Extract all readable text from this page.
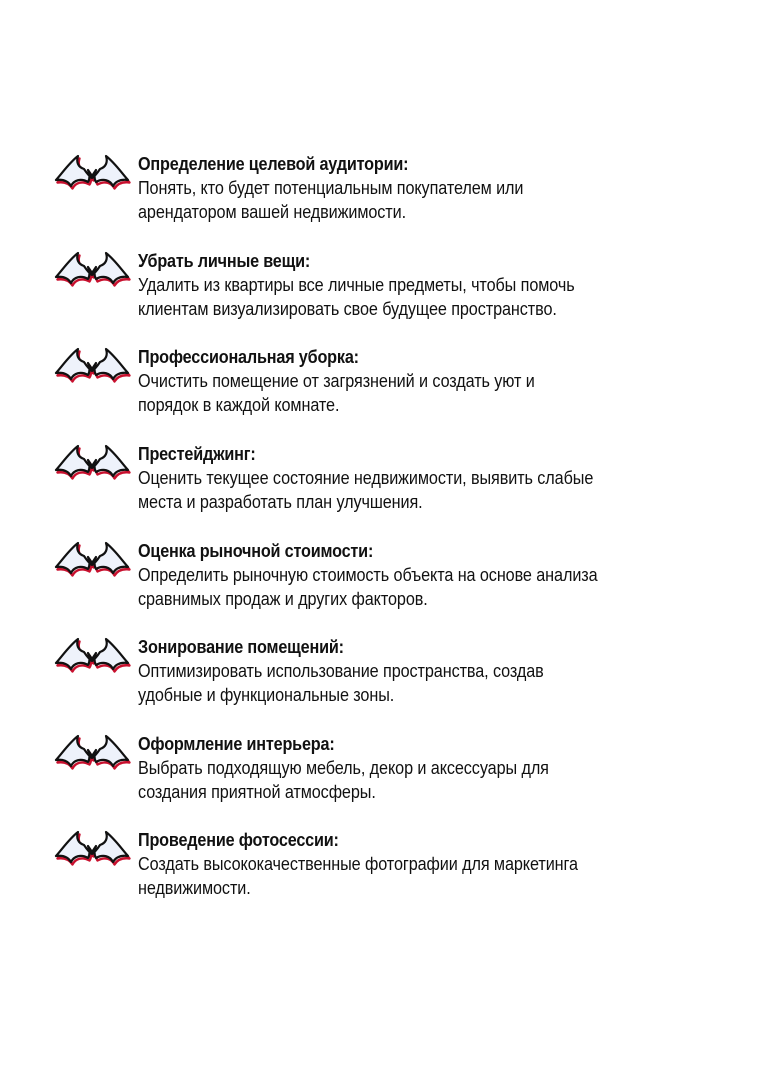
Определение целевой аудитории:
Понять, кто будет потенциальным покупателем или
арендатором вашей недвижимости.
Убрать личные вещи:
Удалить из квартиры все личные предметы, чтобы помочь
клиентам визуализировать свое будущее пространство.
Профессиональная уборка:
Очистить помещение от загрязнений и создать уют и
порядок в каждой комнате.
Престейджинг:
Оценить текущее состояние недвижимости, выявить слабые
места и разработать план улучшения.
Оценка рыночной стоимости:
Определить рыночную стоимость объекта на основе анализа
сравнимых продаж и других факторов.
Зонирование помещений:
Оптимизировать использование пространства, создав
удобные и функциональные зоны.
Оформление интерьера:
Выбрать подходящую мебель, декор и аксессуары для
создания приятной атмосферы.
Проведение фотосессии:
Создать высококачественные фотографии для маркетинга
недвижимости.
